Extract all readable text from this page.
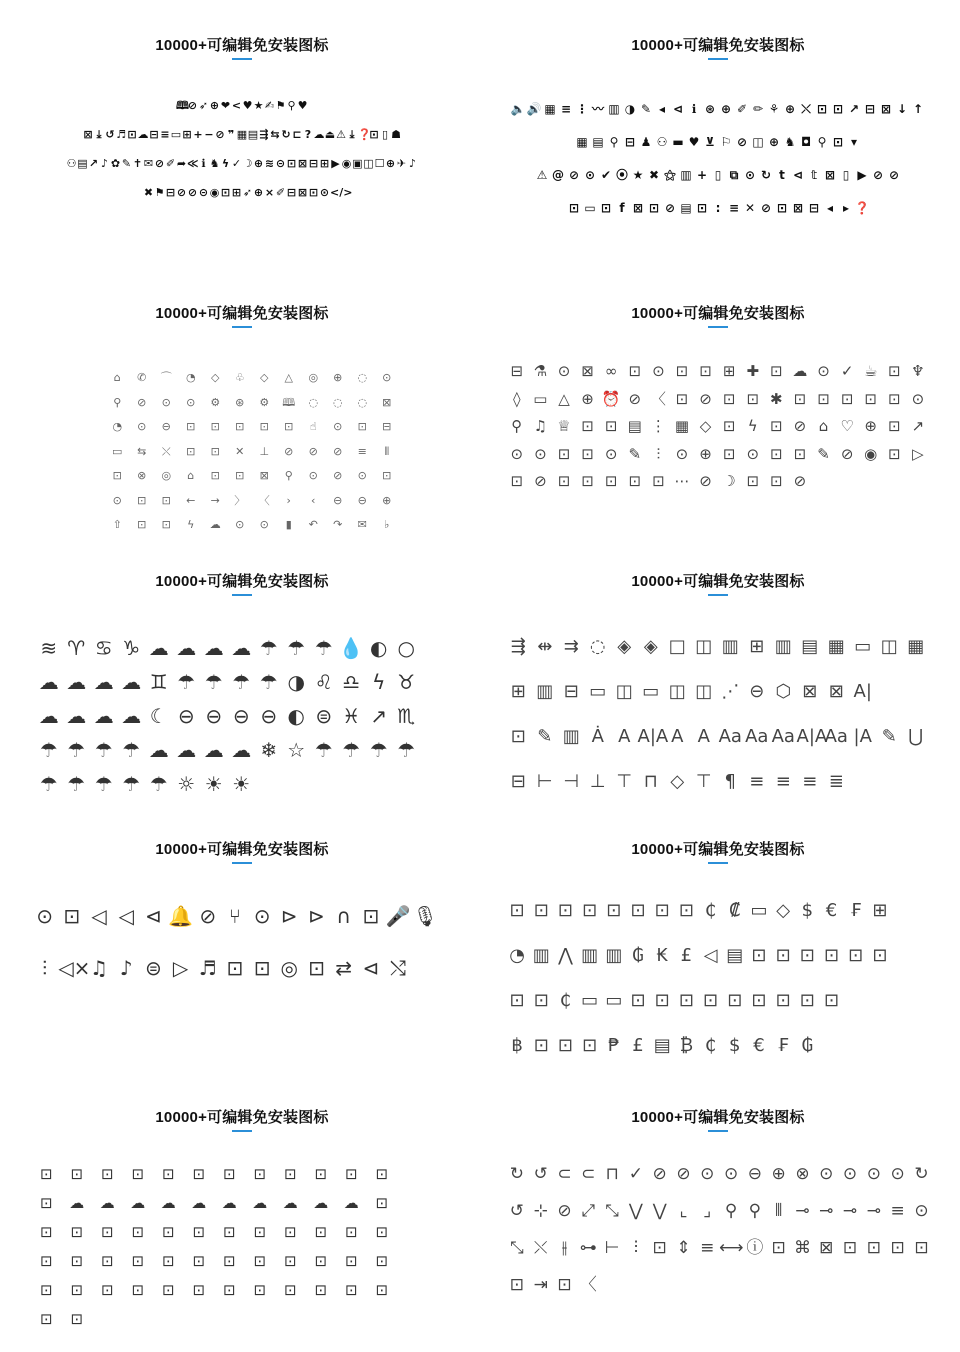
10000+可编辑免安装图标
🕮⊘ ➶ ⊕ ❤ <♥★✍⚑ ⚲ ♥
⊠ ⤓ ↺♬⊡☁⊟ ≡▭⊞ + − ⊘ ❞ ▦▤⇶ ⇆ ↻ ⊏ ? ☁⏏⚠ ⤓ ❓⊡ ▯ ☗
⚇▤↗ ♪ ✿ ✎ ✝ ✉ ⊘ ✐ ➦≪ ℹ ♞ ϟ ✓☽⊕ ≋ ⊝ ⊡ ⊠ ⊟ ⊞ ▶ ◉▣◫☐⊕ ✈ ♪
✖⚑⊟ ⊘ ⊘ ⊝ ◉ ⊡ ⊞ ➶ ⊕ × ✐ ⊟ ⊠ ⊡ ⊙</>
10000+可编辑免安装图标
🔈🔊 ▦ ≡ ⋮ 〰 ▥ ◑ ✎ ◂ ⊲ ℹ ⊛ ⊕ ✐ ✏ ⚘ ⊕ ⤬ ⊡ ⊡ ↗ ⊟ ⊠ ↓ ↑
▦ ▤ ⚲ ⊟ ♟ ⚇ ▬ ♥ ⊻ ⚐ ⊘ ◫ ⊕ ♞ ◘ ⚲ ⊡ ▾
⚠ @ ⊘ ⊙ ✔ ⦿ ★ ✖ ⚝ ▥ + ▯ ⧉ ⊙ ↻ t ⊲ 𝕥 ⊠ ▯ ▶ ⊘ ⊘
⊡ ▭ ⊡ f ⊠ ⊡ ⊘ ▤ ⊡ : ≡ ✕ ⊘ ⊡ ⊠ ⊟ ◂ ▸ ❓
10000+可编辑免安装图标
⌂ ✆ ⌒ ◔ ◇ ♧ ◇ △ ◎ ⊕ ◌ ⊙
⚲ ⊘ ⊙ ⊙ ⚙ ⊛ ⚙ 🕮 ◌ ◌ ◌ ⊠
◔ ⊙ ⊖ ⊡ ⊡ ⊡ ⊡ ⊡ ☝ ⊙ ⊡ ⊟
▭ ⇆ ⤬ ⊡ ⊡ ✕ ⊥ ⊘ ⊘ ⊘ ≡ ⫴
⊡ ⊗ ◎ ⌂ ⊡ ⊡ ⊠ ⚲ ⊙ ⊘ ⊙ ⊡
⊙ ⊡ ⊡ ← → 〉 〈 › ‹ ⊖ ⊖ ⊕
⇧ ⊡ ⊡ ϟ ☁ ⊙ ⊙ ▮ ↶ ↷ ✉ ♭
10000+可编辑免安装图标
⊟ ⚗ ⊙ ⊠ ∞ ⊡ ⊙ ⊡ ⊡ ⊞ ✚ ⊡ ☁ ⊙ ✓ ☕ ⊡ ♆
◊ ▭ △ ⊕ ⏰ ⊘ 〈 ⊡ ⊘ ⊡ ⊡ ✱ ⊡ ⊡ ⊡ ⊡ ⊡ ⊙
⚲ ♫ ♕ ⊡ ⊡ ▤ ⋮ ▦ ◇ ⊡ ϟ ⊡ ⊘ ⌂ ♡ ⊕ ⊡ ↗
⊙ ⊙ ⊡ ⊡ ⊙ ✎ ⫶ ⊙ ⊕ ⊡ ⊙ ⊡ ⊡ ✎ ⊘ ◉ ⊡ ▷
⊡ ⊘ ⊡ ⊡ ⊡ ⊡ ⊡ ⋯ ⊘ ☽ ⊡ ⊡ ⊘
10000+可编辑免安装图标
≋ ♈ ♋ ♑ ☁ ☁ ☁ ☁ ☂ ☂ ☂ 💧 ◐ ○
☁ ☁ ☁ ☁ ♊ ☂ ☂ ☂ ☂ ◑ ♌ ♎ ϟ ♉
☁ ☁ ☁ ☁ ☾ ⊖ ⊖ ⊖ ⊖ ◐ ⊜ ♓ ↗ ♏
☂ ☂ ☂ ☂ ☁ ☁ ☁ ☁ ❄ ☆ ☂ ☂ ☂ ☂
☂ ☂ ☂ ☂ ☂ ☼ ☀ ☀
10000+可编辑免安装图标
⇶ ⇹ ⇉ ◌ ◈ ◈ □ ◫ ▥ ⊞ ▥ ▤ ▦ ▭ ◫ ▦
⊞ ▥ ⊟ ▭ ◫ ▭ ◫ ◫ ⋰ ⊖ ⬡ ⊠ ⊠ A|
⊡ ✎ ▥ Ȧ A A|A A A Aa Aa AaA|AAa |A ✎ ⋃
⊟ ⊢ ⊣ ⊥ ⊤ ⊓ ◇ ⊤ ¶ ≡ ≡ ≡ ≣
10000+可编辑免安装图标
⊙ ⊡ ◁ ◁ ⊲ 🔔 ⊘ ⑂ ⊙ ⊳ ⊳ ∩ ⊡ 🎤 🎙
⫶ ◁×♫ ♪ ⊜ ▷ ♬ ⊡ ⊡ ◎ ⊡ ⇄ ⊲ ⤭
10000+可编辑免安装图标
⊡ ⊡ ⊡ ⊡ ⊡ ⊡ ⊡ ⊡ ₵ ₡ ▭ ◇ $ € ₣ ⊞
◔ ▥ ⋀ ▥ ▥ ₲ ₭ £ ◁ ▤ ⊡ ⊡ ⊡ ⊡ ⊡ ⊡
⊡ ⊡ ₵ ▭ ▭ ⊡ ⊡ ⊡ ⊡ ⊡ ⊡ ⊡ ⊡ ⊡
฿ ⊡ ⊡ ⊡ ₱ £ ▤ ₿ ₵ $ € ₣ ₲
10000+可编辑免安装图标
⊡ ⊡ ⊡ ⊡ ⊡ ⊡ ⊡ ⊡ ⊡ ⊡ ⊡ ⊡
⊡ ☁ ☁ ☁ ☁ ☁ ☁ ☁ ☁ ☁ ☁ ⊡
⊡ ⊡ ⊡ ⊡ ⊡ ⊡ ⊡ ⊡ ⊡ ⊡ ⊡ ⊡
⊡ ⊡ ⊡ ⊡ ⊡ ⊡ ⊡ ⊡ ⊡ ⊡ ⊡ ⊡
⊡ ⊡ ⊡ ⊡ ⊡ ⊡ ⊡ ⊡ ⊡ ⊡ ⊡ ⊡
⊡ ⊡
10000+可编辑免安装图标
↻ ↺ ⊂ ⊂ ⊓ ✓ ⊘ ⊘ ⊙ ⊙ ⊖ ⊕ ⊗ ⊙ ⊙ ⊙ ⊙ ↻
↺ ⊹ ⊘ ⤢ ⤡ ⋁ ⋁ ⌞ ⌟ ⚲ ⚲ ⦀ ⊸ ⊸ ⊸ ⊸ ≡ ⊙
⤡ ⤬ ⫲ ⊶ ⊢ ⫶ ⊡ ⇕ ≡ ⟷ ⓘ ⊡ ⌘ ⊠ ⊡ ⊡ ⊡ ⊡
⊡ ⇥ ⊡ 〈
